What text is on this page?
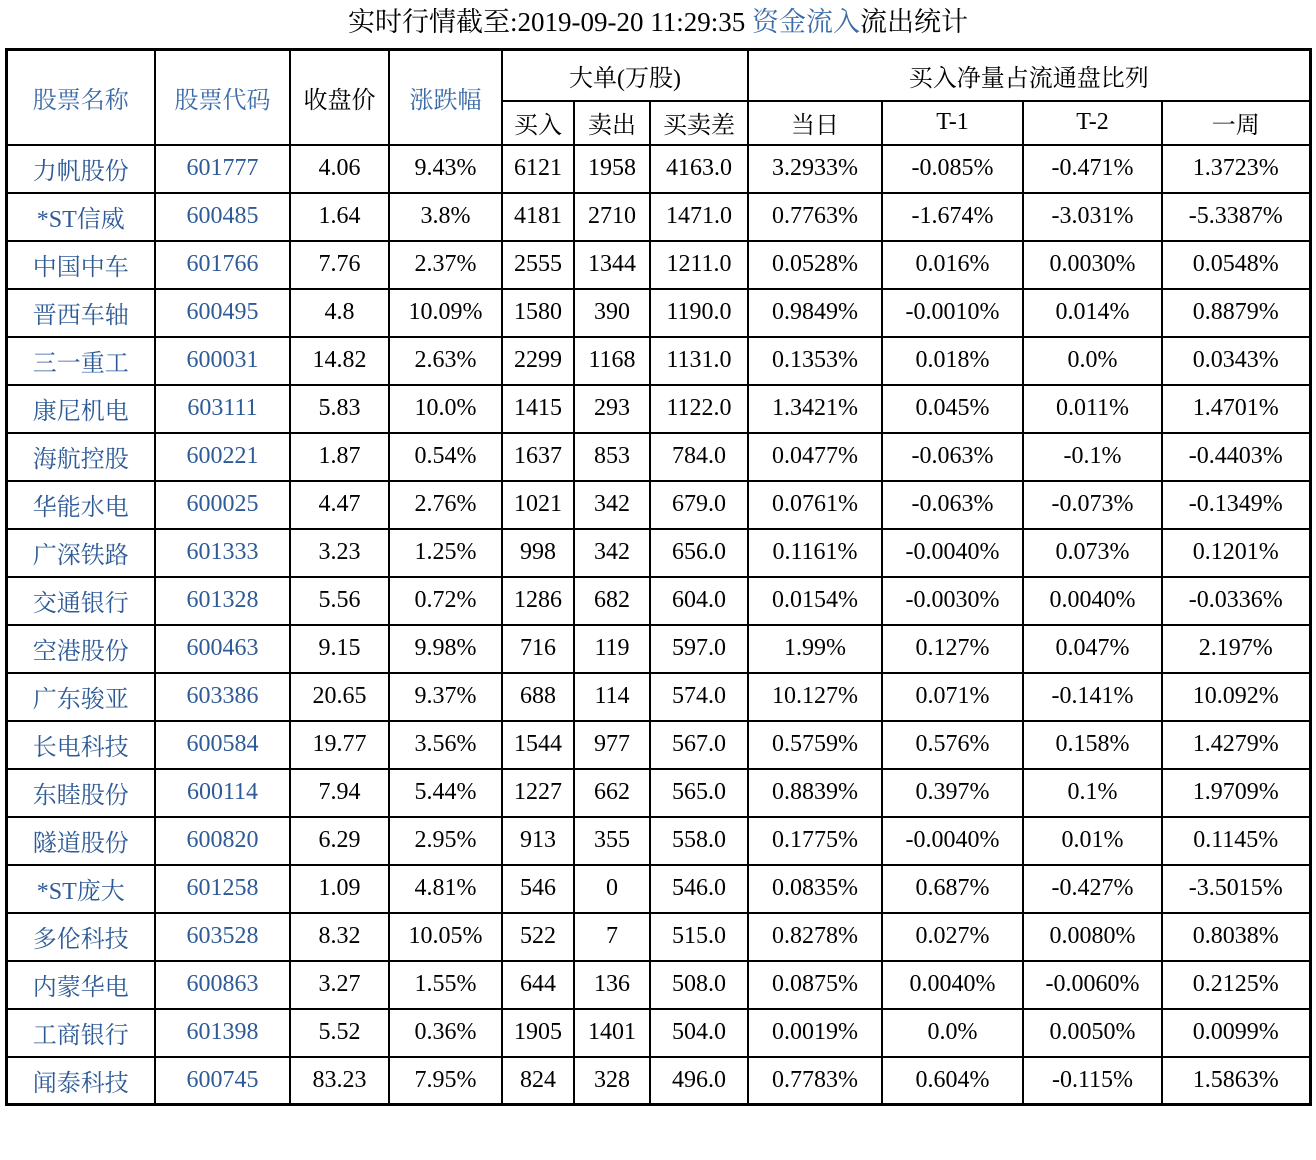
实时行情截至:2019-09-20 11:29:35 资金流入流出统计
股票名称	股票代码	收盘价	涨跌幅	大单(万股)			买入净量占流通盘比列			
				买入	卖出	买卖差	当日	T-1	T-2	一周
力帆股份	601777	4.06	9.43%	6121	1958	4163.0	3.2933%	-0.085%	-0.471%	1.3723%
*ST信威	600485	1.64	3.8%	4181	2710	1471.0	0.7763%	-1.674%	-3.031%	-5.3387%
中国中车	601766	7.76	2.37%	2555	1344	1211.0	0.0528%	0.016%	0.0030%	0.0548%
晋西车轴	600495	4.8	10.09%	1580	390	1190.0	0.9849%	-0.0010%	0.014%	0.8879%
三一重工	600031	14.82	2.63%	2299	1168	1131.0	0.1353%	0.018%	0.0%	0.0343%
康尼机电	603111	5.83	10.0%	1415	293	1122.0	1.3421%	0.045%	0.011%	1.4701%
海航控股	600221	1.87	0.54%	1637	853	784.0	0.0477%	-0.063%	-0.1%	-0.4403%
华能水电	600025	4.47	2.76%	1021	342	679.0	0.0761%	-0.063%	-0.073%	-0.1349%
广深铁路	601333	3.23	1.25%	998	342	656.0	0.1161%	-0.0040%	0.073%	0.1201%
交通银行	601328	5.56	0.72%	1286	682	604.0	0.0154%	-0.0030%	0.0040%	-0.0336%
空港股份	600463	9.15	9.98%	716	119	597.0	1.99%	0.127%	0.047%	2.197%
广东骏亚	603386	20.65	9.37%	688	114	574.0	10.127%	0.071%	-0.141%	10.092%
长电科技	600584	19.77	3.56%	1544	977	567.0	0.5759%	0.576%	0.158%	1.4279%
东睦股份	600114	7.94	5.44%	1227	662	565.0	0.8839%	0.397%	0.1%	1.9709%
隧道股份	600820	6.29	2.95%	913	355	558.0	0.1775%	-0.0040%	0.01%	0.1145%
*ST庞大	601258	1.09	4.81%	546	0	546.0	0.0835%	0.687%	-0.427%	-3.5015%
多伦科技	603528	8.32	10.05%	522	7	515.0	0.8278%	0.027%	0.0080%	0.8038%
内蒙华电	600863	3.27	1.55%	644	136	508.0	0.0875%	0.0040%	-0.0060%	0.2125%
工商银行	601398	5.52	0.36%	1905	1401	504.0	0.0019%	0.0%	0.0050%	0.0099%
闻泰科技	600745	83.23	7.95%	824	328	496.0	0.7783%	0.604%	-0.115%	1.5863%
